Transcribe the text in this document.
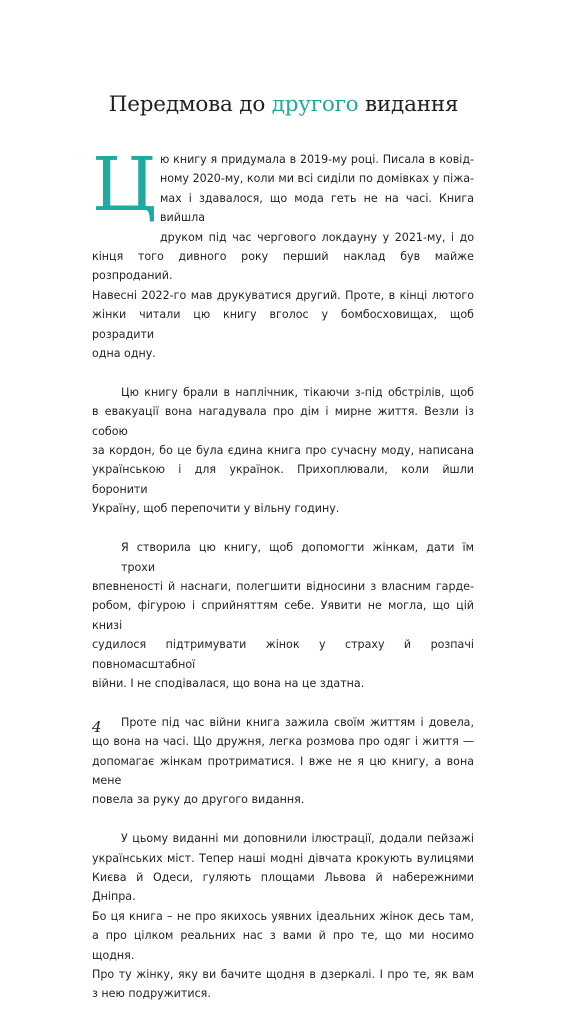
Передмова до другого видання
Ц ю книгу я придумала в 2019-му році. Писала в ковід-
ному 2020-му, коли ми всі сиділи по домівках у піжа-
мах і здавалося, що мода геть не на часі. Книга вийшла
друком під час чергового локдауну у 2021-му, і до
кінця того дивного року перший наклад був майже розпроданий.
Навесні 2022-го мав друкуватися другий. Проте, в кінці лютого
жінки читали цю книгу вголос у бомбосховищах, щоб розрадити
одна одну.

Цю книгу брали в наплічник, тікаючи з-під обстрілів, щоб
в евакуації вона нагадувала про дім і мирне життя. Везли із собою
за кордон, бо це була єдина книга про сучасну моду, написана
українською і для українок. Прихоплювали, коли йшли боронити
Україну, щоб перепочити у вільну годину.

Я створила цю книгу, щоб допомогти жінкам, дати їм трохи
впевненості й наснаги, полегшити відносини з власним гарде-
робом, фігурою і сприйняттям себе. Уявити не могла, що цій книзі
судилося підтримувати жінок у страху й розпачі повномасштабної
війни. І не сподівалася, що вона на це здатна.

Проте під час війни книга зажила своїм життям і довела,
що вона на часі. Що дружня, легка розмова про одяг і життя —
допомагає жінкам протриматися. І вже не я цю книгу, а вона мене
повела за руку до другого видання.

У цьому виданні ми доповнили ілюстрації, додали пейзажі
українських міст. Тепер наші модні дівчата крокують вулицями
Києва й Одеси, гуляють площами Львова й набережними Дніпра.
Бо ця книга – не про якихось уявних ідеальних жінок десь там,
а про цілком реальних нас з вами й про те, що ми носимо щодня.
Про ту жінку, яку ви бачите щодня в дзеркалі. І про те, як вам
з нею подружитися.

4
